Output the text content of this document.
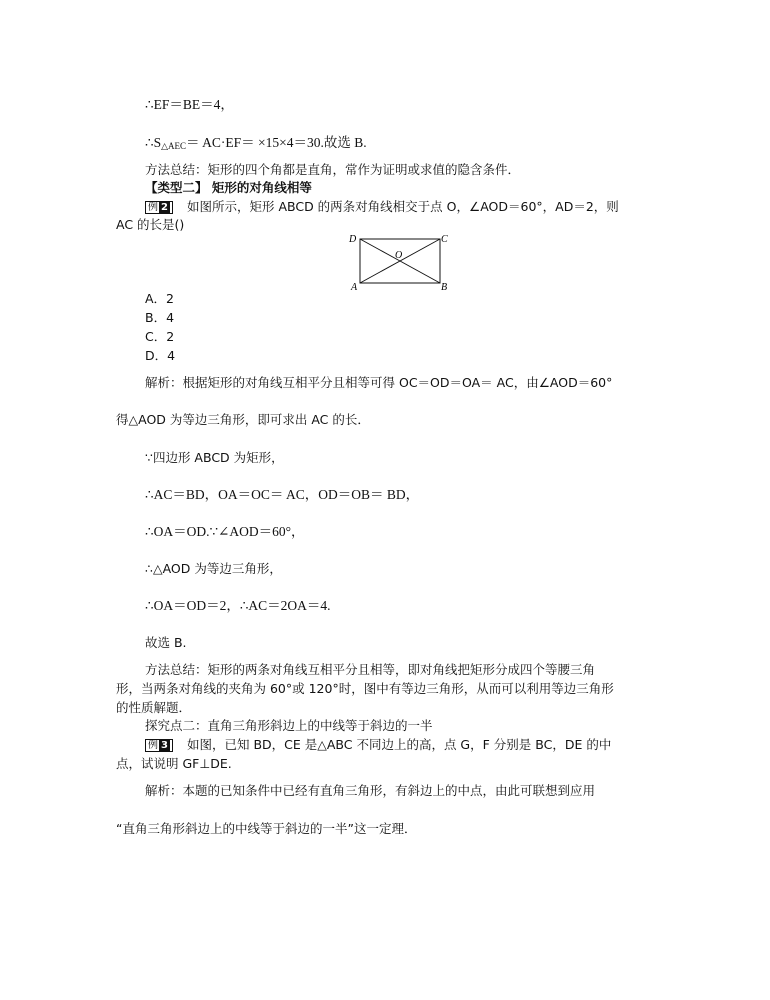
∴EF＝BE＝4，
$\therefore S_{\triangle AEC}= AC\cdot EF= \times 15\times 4=30$.故选 B.
方法总结：矩形的四个角都是直角，常作为证明或求值的隐含条件．
【类型二】 矩形的对角线相等
例 2 如图所示，矩形 ABCD 的两条对角线相交于点 O，∠AOD＝60°，AD＝2，则
AC 的长是()
D	C
O
A	B
A．2
B．4
C．2
D．4
解析：根据矩形的对角线互相平分且相等可得 OC＝OD＝OA＝ AC，由∠AOD＝60°
得△AOD 为等边三角形，即可求出 AC 的长．
∵四边形 ABCD 为矩形，
∴AC＝BD，OA＝OC＝ AC，OD＝OB＝ BD，
∴OA＝OD.∵∠AOD＝60°，
∴△AOD 为等边三角形，
∴OA＝OD＝2，∴AC＝2OA＝4.
故选 B.
方法总结：矩形的两条对角线互相平分且相等，即对角线把矩形分成四个等腰三角
形，当两条对角线的夹角为 60°或 120°时，图中有等边三角形，从而可以利用等边三角形
的性质解题．
探究点二：直角三角形斜边上的中线等于斜边的一半
例 3 如图，已知 BD，CE 是△ABC 不同边上的高，点 G，F 分别是 BC，DE 的中
点，试说明 GF⊥DE.
解析：本题的已知条件中已经有直角三角形，有斜边上的中点，由此可联想到应用
“直角三角形斜边上的中线等于斜边的一半”这一定理．
